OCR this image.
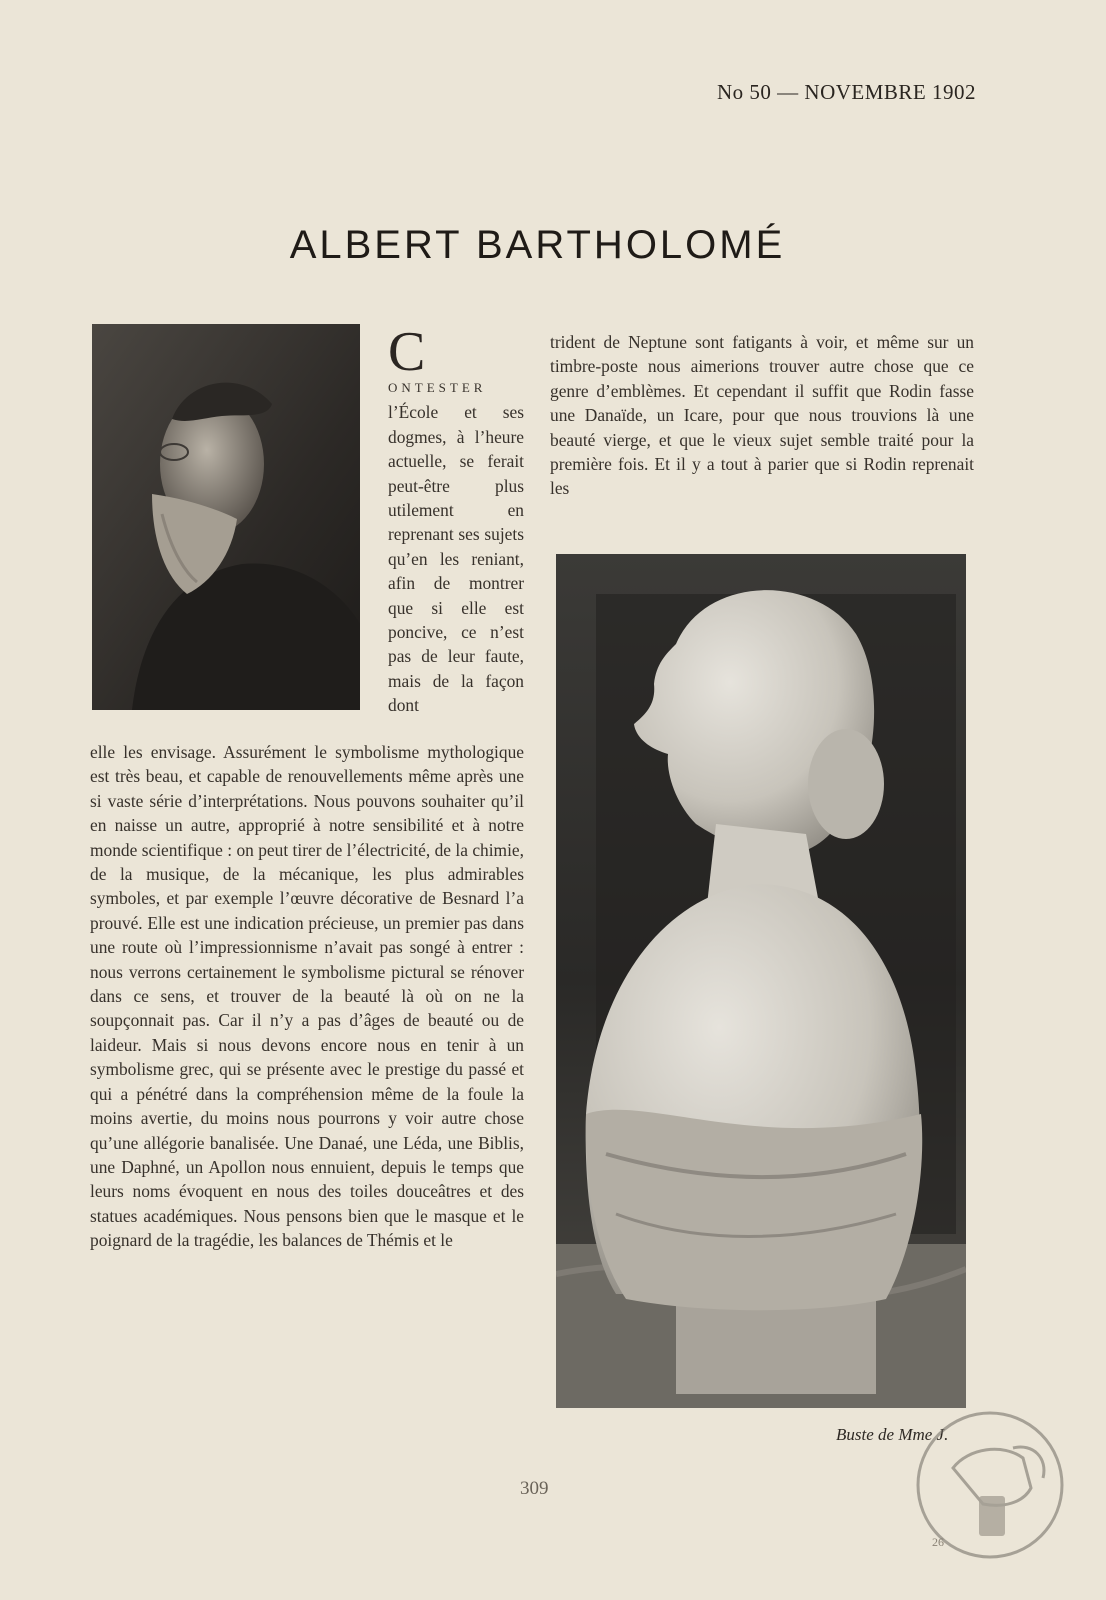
No 50 — NOVEMBRE 1902
ALBERT BARTHOLOMÉ

C
ONTESTER l’École et ses dogmes, à l’heure actuelle, se ferait peut-être plus utilement en reprenant ses sujets qu’en les reniant, afin de montrer que si elle est poncive, ce n’est pas de leur faute, mais de la façon dont

elle les envisage. Assurément le symbolisme mythologique est très beau, et capable de renouvellements même après une si vaste série d’interprétations. Nous pouvons souhaiter qu’il en naisse un autre, approprié à notre sensibilité et à notre monde scientifique : on peut tirer de l’électricité, de la chimie, de la musique, de la mécanique, les plus admirables symboles, et par exemple l’œuvre décorative de Besnard l’a prouvé. Elle est une indication précieuse, un premier pas dans une route où l’impressionnisme n’avait pas songé à entrer : nous verrons certainement le symbolisme pictural se rénover dans ce sens, et trouver de la beauté là où on ne la soupçonnait pas. Car il n’y a pas d’âges de beauté ou de laideur. Mais si nous devons encore nous en tenir à un symbolisme grec, qui se présente avec le prestige du passé et qui a pénétré dans la compréhension même de la foule la moins avertie, du moins nous pourrons y voir autre chose qu’une allégorie banalisée. Une Danaé, une Léda, une Biblis, une Daphné, un Apollon nous ennuient, depuis le temps que leurs noms évoquent en nous des toiles douceâtres et des statues académiques. Nous pensons bien que le masque et le poignard de la tragédie, les balances de Thémis et le

trident de Neptune sont fatigants à voir, et même sur un timbre-poste nous aimerions trouver autre chose que ce genre d’emblèmes. Et cependant il suffit que Rodin fasse une Danaïde, un Icare, pour que nous trouvions là une beauté vierge, et que le vieux sujet semble traité pour la première fois. Et il y a tout à parier que si Rodin reprenait les

Buste de Mme J.
309
26
